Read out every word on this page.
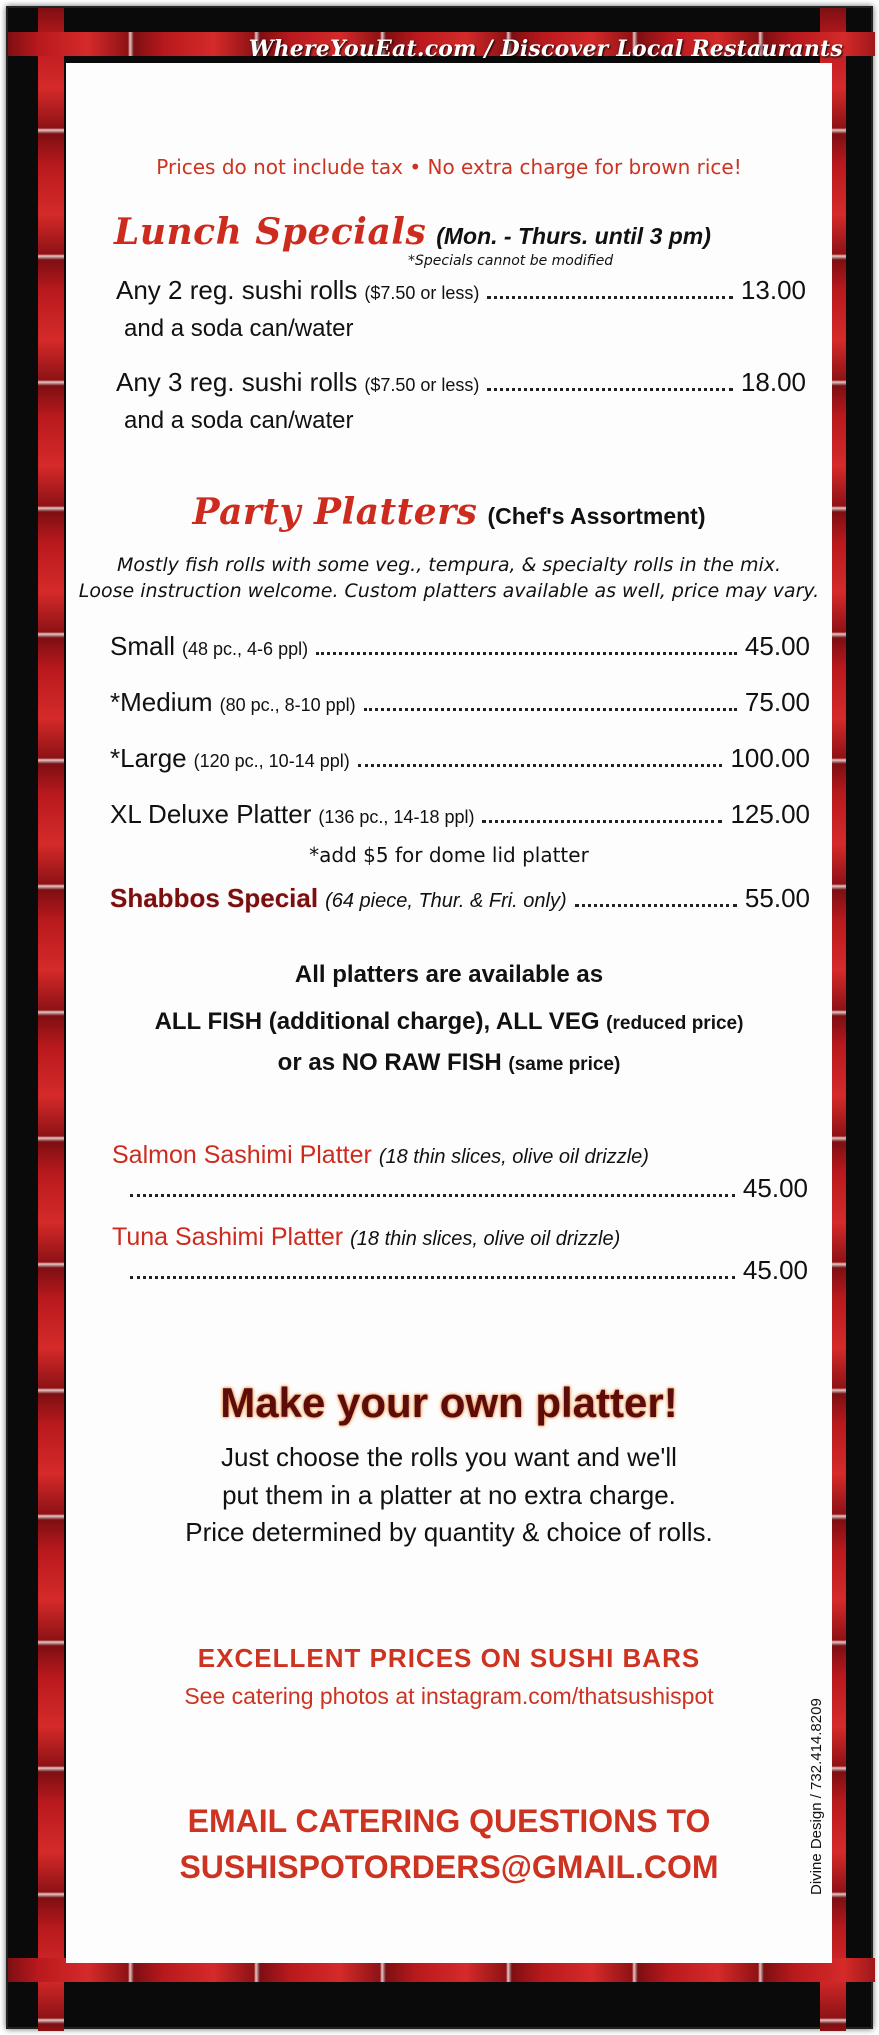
Prices do not include tax • No extra charge for brown rice!
Lunch Specials (Mon. - Thurs. until 3 pm)
*Specials cannot be modified
Any 2 reg. sushi rolls ($7.50 or less)	13.00
and a soda can/water
Any 3 reg. sushi rolls ($7.50 or less)	18.00
and a soda can/water
Party Platters (Chef's Assortment)
Mostly fish rolls with some veg., tempura, & specialty rolls in the mix.
Loose instruction welcome. Custom platters available as well, price may vary.
Small (48 pc., 4-6 ppl)	45.00
*Medium (80 pc., 8-10 ppl)	75.00
*Large (120 pc., 10-14 ppl)	100.00
XL Deluxe Platter (136 pc., 14-18 ppl)	125.00
*add $5 for dome lid platter
Shabbos Special (64 piece, Thur. & Fri. only)	55.00
All platters are available as
ALL FISH (additional charge), ALL VEG (reduced price)
or as NO RAW FISH (same price)
Salmon Sashimi Platter (18 thin slices, olive oil drizzle)
45.00
Tuna Sashimi Platter (18 thin slices, olive oil drizzle)
45.00
Make your own platter!
Just choose the rolls you want and we'll
put them in a platter at no extra charge.
Price determined by quantity & choice of rolls.
EXCELLENT PRICES ON SUSHI BARS
See catering photos at instagram.com/thatsushispot
EMAIL CATERING QUESTIONS TO
SUSHISPOTORDERS@GMAIL.COM
WhereYouEat.com / Discover Local Restaurants
Divine Design / 732.414.8209
